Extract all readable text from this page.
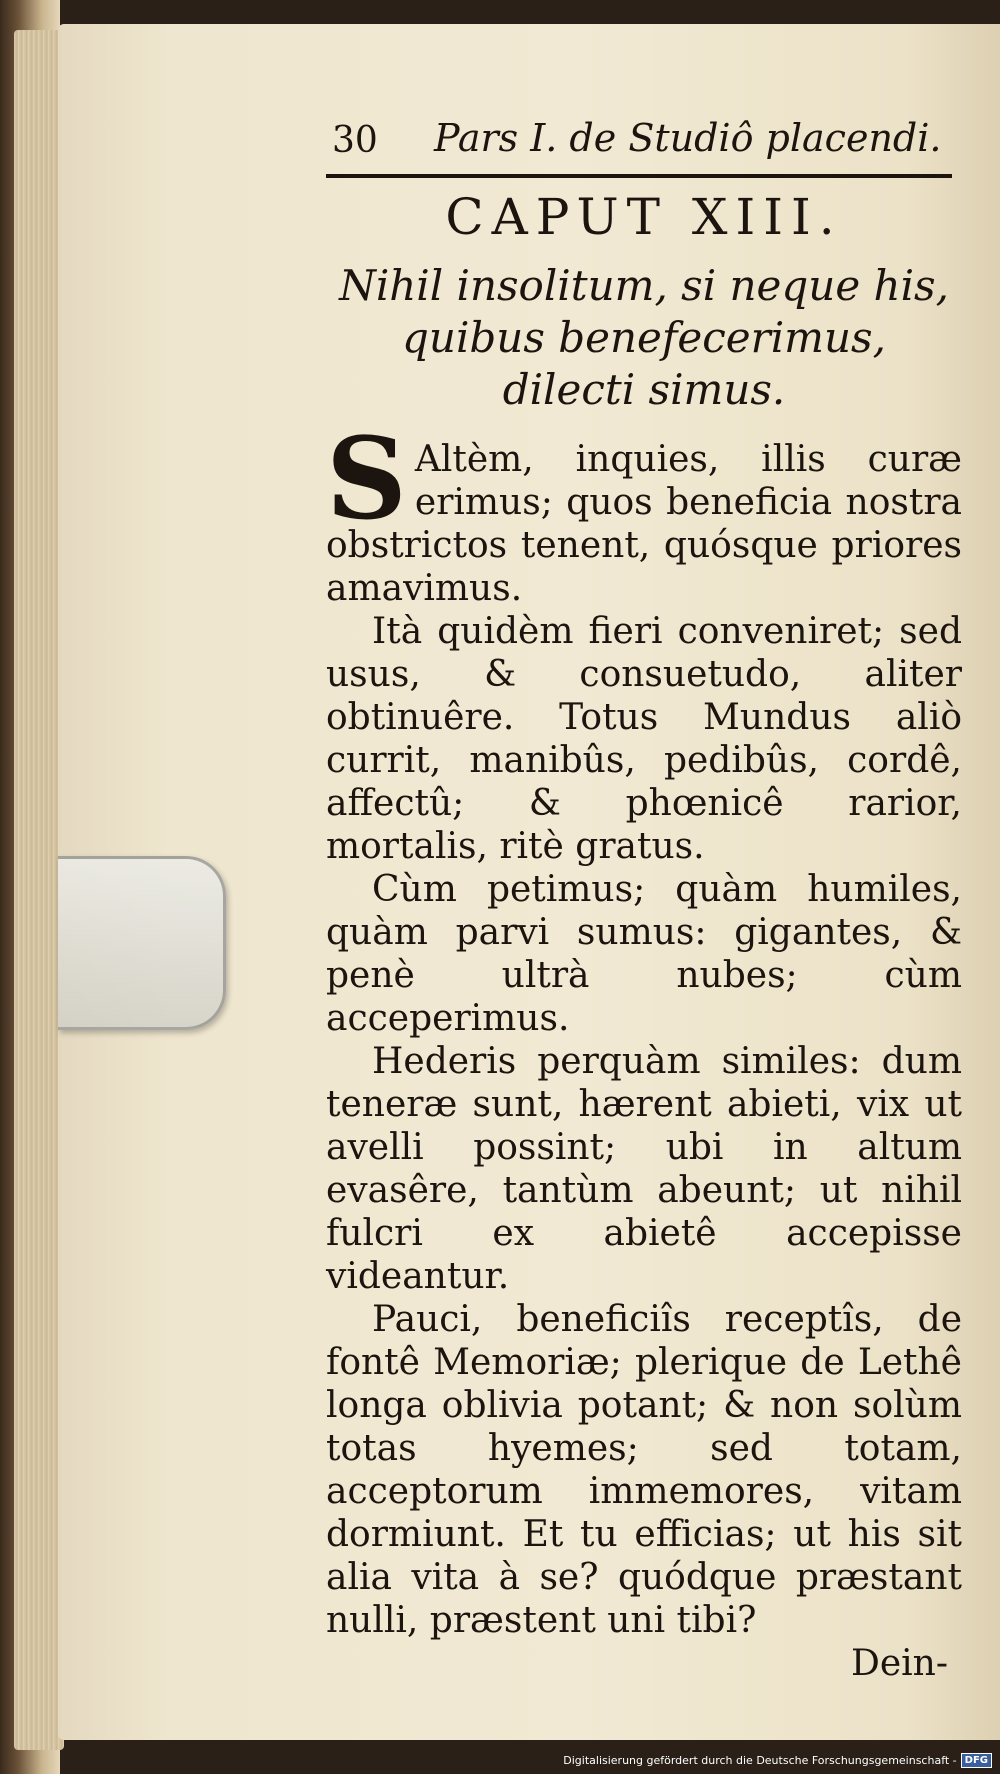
30 Pars I. de Studiô placendi.
CAPUT XIII.
Nihil insolitum, si neque his, quibus benefecerimus, dilecti simus.

S Altèm, inquies, illis curæ erimus; quos beneficia nostra obstrictos tenent, quósque priores amavimus.

Ità quidèm fieri conveniret; sed usus, & consuetudo, aliter obtinuêre. Totus Mundus aliò currit, manibûs, pedibûs, cordê, affectû; & phœnicê rarior, mortalis, ritè gratus.

Cùm petimus; quàm humiles, quàm parvi sumus: gigantes, & penè ultrà nubes; cùm acceperimus.

Hederis perquàm similes: dum teneræ sunt, hærent abieti, vix ut avelli possint; ubi in altum evasêre, tantùm abeunt; ut nihil fulcri ex abietê accepisse videantur.

Pauci, beneficiîs receptîs, de fontê Memoriæ; plerique de Lethê longa oblivia potant; & non solùm totas hyemes; sed totam, acceptorum immemores, vitam dormiunt. Et tu efficias; ut his sit alia vita à se? quódque præstant nulli, præstent uni tibi?

Dein-
Digitalisierung gefördert durch die Deutsche Forschungsgemeinschaft - DFG
